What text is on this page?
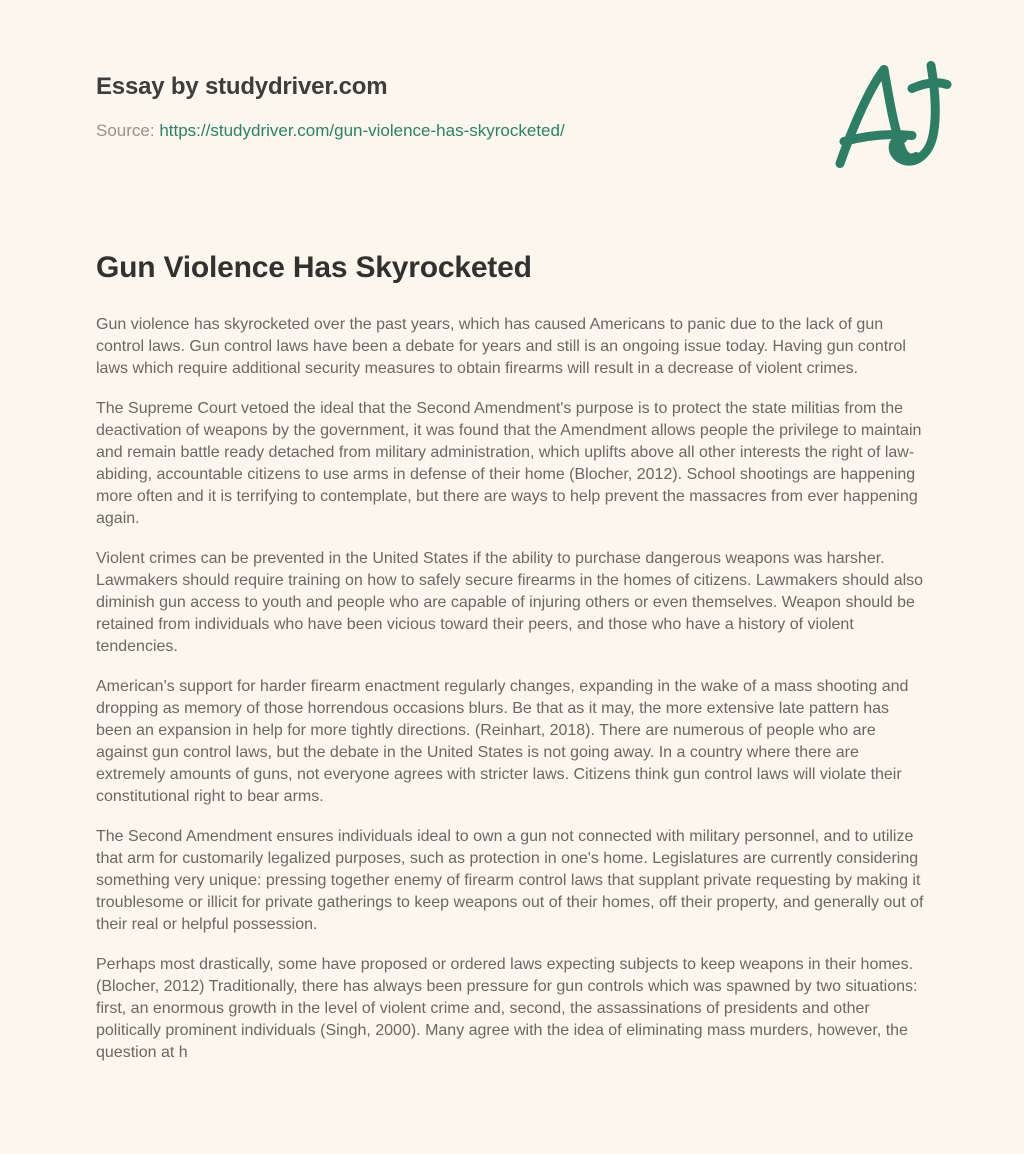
Essay by studydriver.com
Source: https://studydriver.com/gun-violence-has-skyrocketed/
Gun Violence Has Skyrocketed

Gun violence has skyrocketed over the past years, which has caused Americans to panic due to the lack of gun control laws. Gun control laws have been a debate for years and still is an ongoing issue today. Having gun control laws which require additional security measures to obtain firearms will result in a decrease of violent crimes.

The Supreme Court vetoed the ideal that the Second Amendment's purpose is to protect the state militias from the deactivation of weapons by the government, it was found that the Amendment allows people the privilege to maintain and remain battle ready detached from military administration, which uplifts above all other interests the right of law-abiding, accountable citizens to use arms in defense of their home (Blocher, 2012). School shootings are happening more often and it is terrifying to contemplate, but there are ways to help prevent the massacres from ever happening again.

Violent crimes can be prevented in the United States if the ability to purchase dangerous weapons was harsher. Lawmakers should require training on how to safely secure firearms in the homes of citizens. Lawmakers should also diminish gun access to youth and people who are capable of injuring others or even themselves. Weapon should be retained from individuals who have been vicious toward their peers, and those who have a history of violent tendencies.

American's support for harder firearm enactment regularly changes, expanding in the wake of a mass shooting and dropping as memory of those horrendous occasions blurs. Be that as it may, the more extensive late pattern has been an expansion in help for more tightly directions. (Reinhart, 2018). There are numerous of people who are against gun control laws, but the debate in the United States is not going away. In a country where there are extremely amounts of guns, not everyone agrees with stricter laws. Citizens think gun control laws will violate their constitutional right to bear arms.

The Second Amendment ensures individuals ideal to own a gun not connected with military personnel, and to utilize that arm for customarily legalized purposes, such as protection in one's home. Legislatures are currently considering something very unique: pressing together enemy of firearm control laws that supplant private requesting by making it troublesome or illicit for private gatherings to keep weapons out of their homes, off their property, and generally out of their real or helpful possession.

Perhaps most drastically, some have proposed or ordered laws expecting subjects to keep weapons in their homes. (Blocher, 2012) Traditionally, there has always been pressure for gun controls which was spawned by two situations: first, an enormous growth in the level of violent crime and, second, the assassinations of presidents and other politically prominent individuals (Singh, 2000). Many agree with the idea of eliminating mass murders, however, the question at h
